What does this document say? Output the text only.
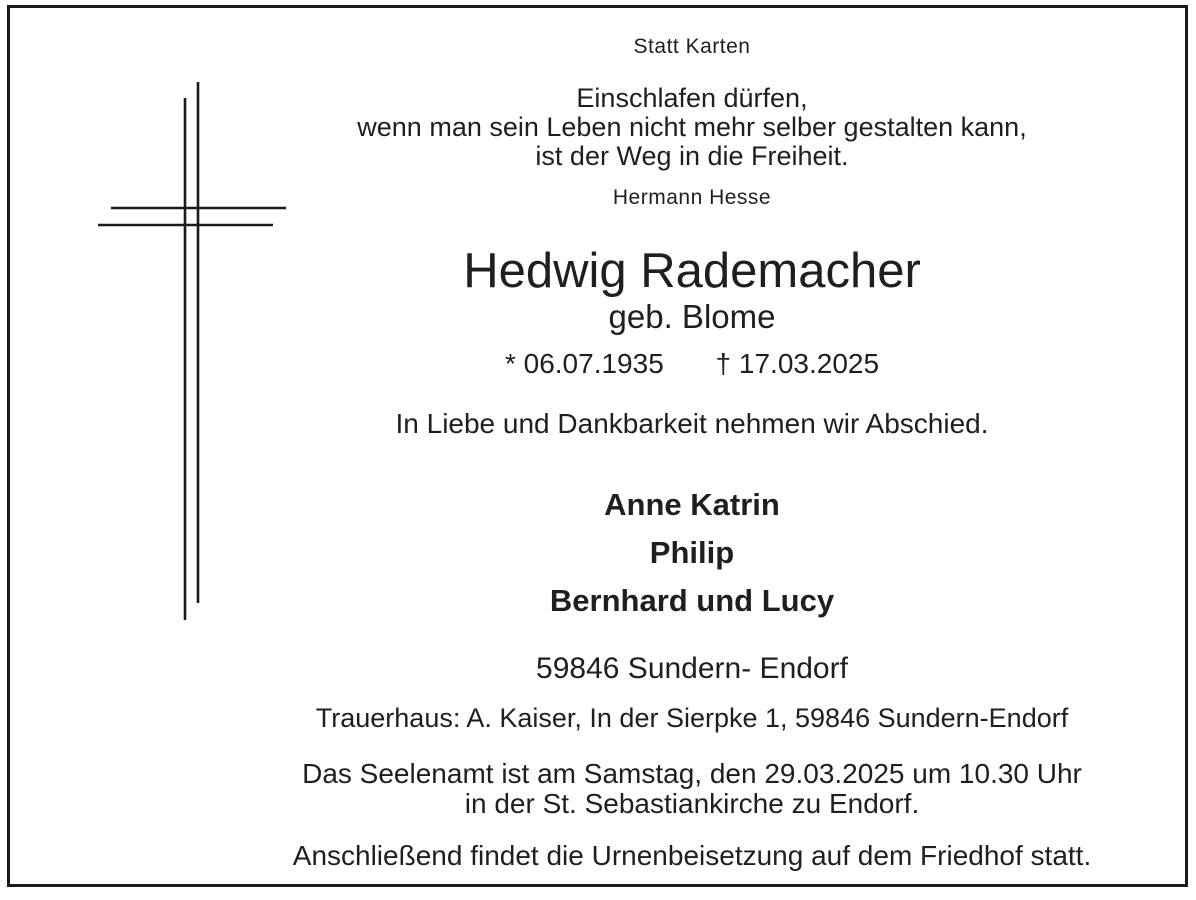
Statt Karten
Einschlafen dürfen,
wenn man sein Leben nicht mehr selber gestalten kann,
ist der Weg in die Freiheit.
Hermann Hesse
Hedwig Rademacher
geb. Blome
* 06.07.1935 † 17.03.2025
In Liebe und Dankbarkeit nehmen wir Abschied.
Anne Katrin
Philip
Bernhard und Lucy
59846 Sundern- Endorf
Trauerhaus: A. Kaiser, In der Sierpke 1, 59846 Sundern-Endorf
Das Seelenamt ist am Samstag, den 29.03.2025 um 10.30 Uhr
in der St. Sebastiankirche zu Endorf.
Anschließend findet die Urnenbeisetzung auf dem Friedhof statt.
